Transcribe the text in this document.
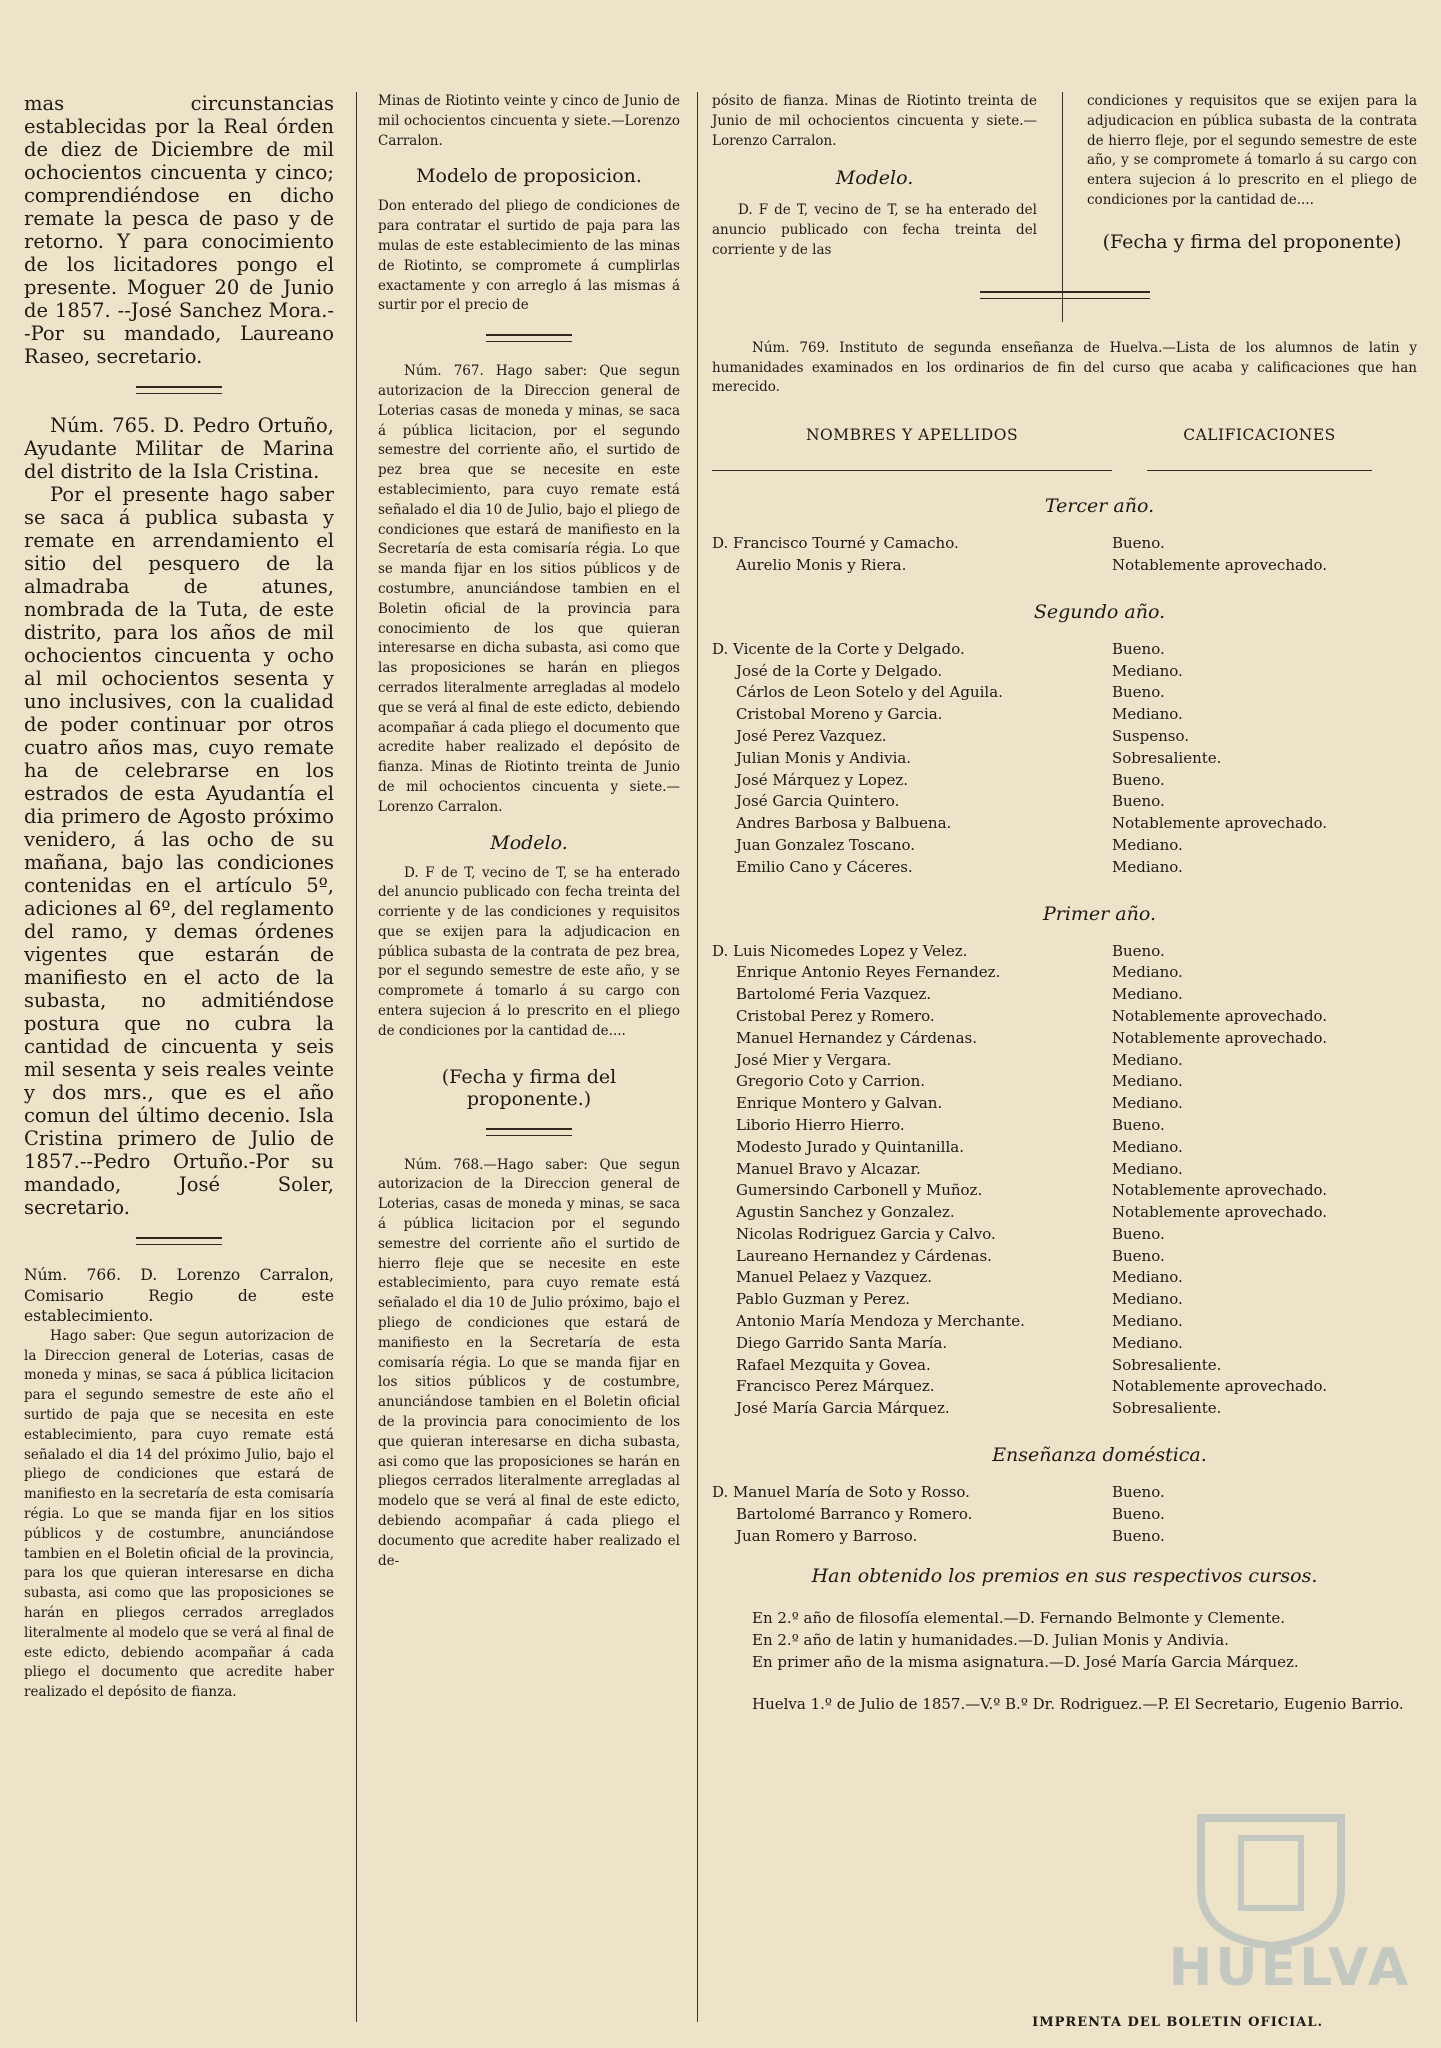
mas circunstancias establecidas por la Real órden de diez de Diciembre de mil ochocientos cincuenta y cinco; comprendiéndose en dicho remate la pesca de paso y de retorno. Y para conocimiento de los licitadores pongo el presente. Moguer 20 de Junio de 1857. --José Sanchez Mora.--Por su mandado, Laureano Raseo, secretario.

Núm. 765. D. Pedro Ortuño, Ayudante Militar de Marina del distrito de la Isla Cristina.

Por el presente hago saber se saca á publica subasta y remate en arrendamiento el sitio del pesquero de la almadraba de atunes, nombrada de la Tuta, de este distrito, para los años de mil ochocientos cincuenta y ocho al mil ochocientos sesenta y uno inclusives, con la cualidad de poder continuar por otros cuatro años mas, cuyo remate ha de celebrarse en los estrados de esta Ayudantía el dia primero de Agosto próximo venidero, á las ocho de su mañana, bajo las condiciones contenidas en el artículo 5º, adiciones al 6º, del reglamento del ramo, y demas órdenes vigentes que estarán de manifiesto en el acto de la subasta, no admitiéndose postura que no cubra la cantidad de cincuenta y seis mil sesenta y seis reales veinte y dos mrs., que es el año comun del último decenio. Isla Cristina primero de Julio de 1857.--Pedro Ortuño.-Por su mandado, José Soler, secretario.

Núm. 766. D. Lorenzo Carralon, Comisario Regio de este establecimiento.

Hago saber: Que segun autorizacion de la Direccion general de Loterias, casas de moneda y minas, se saca á pública licitacion para el segundo semestre de este año el surtido de paja que se necesita en este establecimiento, para cuyo remate está señalado el dia 14 del próximo Julio, bajo el pliego de condiciones que estará de manifiesto en la secretaría de esta comisaría régia. Lo que se manda fijar en los sitios públicos y de costumbre, anunciándose tambien en el Boletin oficial de la provincia, para los que quieran interesarse en dicha subasta, asi como que las proposiciones se harán en pliegos cerrados arreglados literalmente al modelo que se verá al final de este edicto, debiendo acompañar á cada pliego el documento que acredite haber realizado el depósito de fianza.

Minas de Riotinto veinte y cinco de Junio de mil ochocientos cincuenta y siete.—Lorenzo Carralon.

Modelo de proposicion.

Don enterado del pliego de condiciones de para contratar el surtido de paja para las mulas de este establecimiento de las minas de Riotinto, se compromete á cumplirlas exactamente y con arreglo á las mismas á surtir por el precio de

Núm. 767. Hago saber: Que segun autorizacion de la Direccion general de Loterias casas de moneda y minas, se saca á pública licitacion, por el segundo semestre del corriente año, el surtido de pez brea que se necesite en este establecimiento, para cuyo remate está señalado el dia 10 de Julio, bajo el pliego de condiciones que estará de manifiesto en la Secretaría de esta comisaría régia. Lo que se manda fijar en los sitios públicos y de costumbre, anunciándose tambien en el Boletin oficial de la provincia para conocimiento de los que quieran interesarse en dicha subasta, asi como que las proposiciones se harán en pliegos cerrados literalmente arregladas al modelo que se verá al final de este edicto, debiendo acompañar á cada pliego el documento que acredite haber realizado el depósito de fianza. Minas de Riotinto treinta de Junio de mil ochocientos cincuenta y siete.—Lorenzo Carralon.

Modelo.

D. F de T, vecino de T, se ha enterado del anuncio publicado con fecha treinta del corriente y de las condiciones y requisitos que se exijen para la adjudicacion en pública subasta de la contrata de pez brea, por el segundo semestre de este año, y se compromete á tomarlo á su cargo con entera sujecion á lo prescrito en el pliego de condiciones por la cantidad de....

(Fecha y firma del proponente.)

Núm. 768.—Hago saber: Que segun autorizacion de la Direccion general de Loterias, casas de moneda y minas, se saca á pública licitacion por el segundo semestre del corriente año el surtido de hierro fleje que se necesite en este establecimiento, para cuyo remate está señalado el dia 10 de Julio próximo, bajo el pliego de condiciones que estará de manifiesto en la Secretaría de esta comisaría régia. Lo que se manda fijar en los sitios públicos y de costumbre, anunciándose tambien en el Boletin oficial de la provincia para conocimiento de los que quieran interesarse en dicha subasta, asi como que las proposiciones se harán en pliegos cerrados literalmente arregladas al modelo que se verá al final de este edicto, debiendo acompañar á cada pliego el documento que acredite haber realizado el de-

pósito de fianza. Minas de Riotinto treinta de Junio de mil ochocientos cincuenta y siete.—Lorenzo Carralon.

Modelo.

D. F de T, vecino de T, se ha enterado del anuncio publicado con fecha treinta del corriente y de las

condiciones y requisitos que se exijen para la adjudicacion en pública subasta de la contrata de hierro fleje, por el segundo semestre de este año, y se compromete á tomarlo á su cargo con entera sujecion á lo prescrito en el pliego de condiciones por la cantidad de....

(Fecha y firma del proponente)

Núm. 769. Instituto de segunda enseñanza de Huelva.—Lista de los alumnos de latin y humanidades examinados en los ordinarios de fin del curso que acaba y calificaciones que han merecido.

NOMBRES Y APELLIDOS	CALIFICACIONES
Tercer año.
D. Francisco Tourné y Camacho.	Bueno.
Aurelio Monis y Riera.	Notablemente aprovechado.
Segundo año.
D. Vicente de la Corte y Delgado.	Bueno.
José de la Corte y Delgado.	Mediano.
Cárlos de Leon Sotelo y del Aguila.	Bueno.
Cristobal Moreno y Garcia.	Mediano.
José Perez Vazquez.	Suspenso.
Julian Monis y Andivia.	Sobresaliente.
José Márquez y Lopez.	Bueno.
José Garcia Quintero.	Bueno.
Andres Barbosa y Balbuena.	Notablemente aprovechado.
Juan Gonzalez Toscano.	Mediano.
Emilio Cano y Cáceres.	Mediano.
Primer año.
D. Luis Nicomedes Lopez y Velez.	Bueno.
Enrique Antonio Reyes Fernandez.	Mediano.
Bartolomé Feria Vazquez.	Mediano.
Cristobal Perez y Romero.	Notablemente aprovechado.
Manuel Hernandez y Cárdenas.	Notablemente aprovechado.
José Mier y Vergara.	Mediano.
Gregorio Coto y Carrion.	Mediano.
Enrique Montero y Galvan.	Mediano.
Liborio Hierro Hierro.	Bueno.
Modesto Jurado y Quintanilla.	Mediano.
Manuel Bravo y Alcazar.	Mediano.
Gumersindo Carbonell y Muñoz.	Notablemente aprovechado.
Agustin Sanchez y Gonzalez.	Notablemente aprovechado.
Nicolas Rodriguez Garcia y Calvo.	Bueno.
Laureano Hernandez y Cárdenas.	Bueno.
Manuel Pelaez y Vazquez.	Mediano.
Pablo Guzman y Perez.	Mediano.
Antonio María Mendoza y Merchante.	Mediano.
Diego Garrido Santa María.	Mediano.
Rafael Mezquita y Govea.	Sobresaliente.
Francisco Perez Márquez.	Notablemente aprovechado.
José María Garcia Márquez.	Sobresaliente.
Enseñanza doméstica.
D. Manuel María de Soto y Rosso.	Bueno.
Bartolomé Barranco y Romero.	Bueno.
Juan Romero y Barroso.	Bueno.
Han obtenido los premios en sus respectivos cursos.
En 2.º año de filosofía elemental.—D. Fernando Belmonte y Clemente.
En 2.º año de latin y humanidades.—D. Julian Monis y Andivia.
En primer año de la misma asignatura.—D. José María Garcia Márquez.

Huelva 1.º de Julio de 1857.—V.º B.º Dr. Rodriguez.—P. El Secretario, Eugenio Barrio.

HUELVA
IMPRENTA DEL BOLETIN OFICIAL.
